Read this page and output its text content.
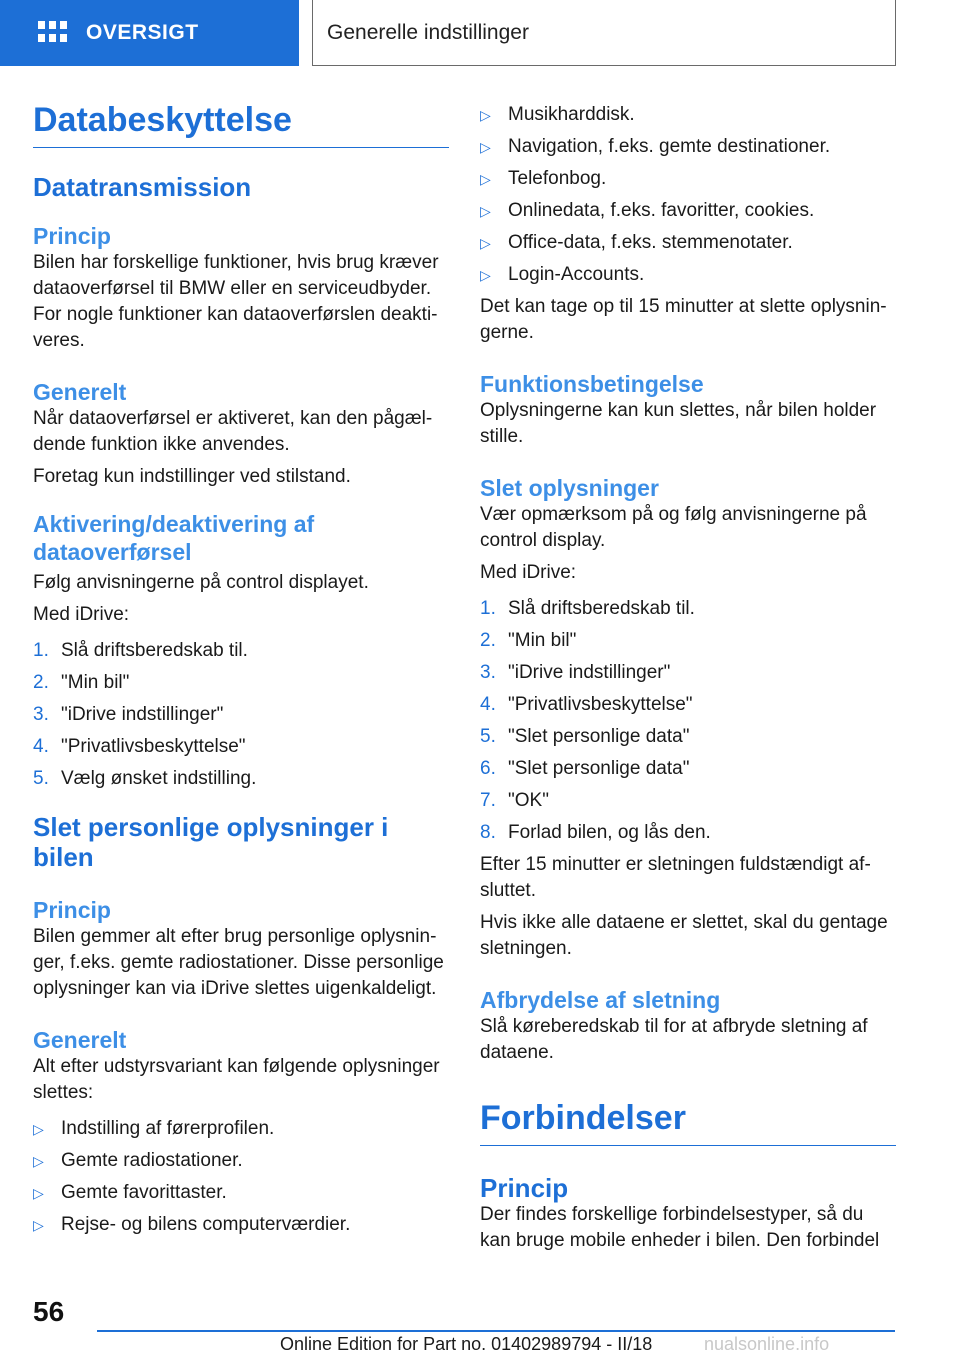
OVERSIGT	Generelle indstillinger
Databeskyttelse
Datatransmission
Princip
Bilen har forskellige funktioner, hvis brug kræver dataoverførsel til BMW eller en serviceudbyder. For nogle funktioner kan dataoverførslen deaktiveres.
Generelt
Når dataoverførsel er aktiveret, kan den pågældende funktion ikke anvendes.
Foretag kun indstillinger ved stilstand.
Aktivering/deaktivering af dataoverførsel
Følg anvisningerne på control displayet.
Med iDrive:
1. Slå driftsberedskab til.
2. "Min bil"
3. "iDrive indstillinger"
4. "Privatlivsbeskyttelse"
5. Vælg ønsket indstilling.
Slet personlige oplysninger i bilen
Princip
Bilen gemmer alt efter brug personlige oplysninger, f.eks. gemte radiostationer. Disse personlige oplysninger kan via iDrive slettes uigenkaldeligt.
Generelt
Alt efter udstyrsvariant kan følgende oplysninger slettes:
▷ Indstilling af førerprofilen.
▷ Gemte radiostationer.
▷ Gemte favorittaster.
▷ Rejse- og bilens computerværdier.
▷ Musikharddisk.
▷ Navigation, f.eks. gemte destinationer.
▷ Telefonbog.
▷ Onlinedata, f.eks. favoritter, cookies.
▷ Office-data, f.eks. stemmenotater.
▷ Login-Accounts.
Det kan tage op til 15 minutter at slette oplysningerne.
Funktionsbetingelse
Oplysningerne kan kun slettes, når bilen holder stille.
Slet oplysninger
Vær opmærksom på og følg anvisningerne på control display.
Med iDrive:
1. Slå driftsberedskab til.
2. "Min bil"
3. "iDrive indstillinger"
4. "Privatlivsbeskyttelse"
5. "Slet personlige data"
6. "Slet personlige data"
7. "OK"
8. Forlad bilen, og lås den.
Efter 15 minutter er sletningen fuldstændigt afsluttet.
Hvis ikke alle dataene er slettet, skal du gentage sletningen.
Afbrydelse af sletning
Slå køreberedskab til for at afbryde sletning af dataene.
Forbindelser
Princip
Der findes forskellige forbindelsestyper, så du kan bruge mobile enheder i bilen. Den forbindel
56
Online Edition for Part no. 01402989794 - II/18	nualsonline.info
